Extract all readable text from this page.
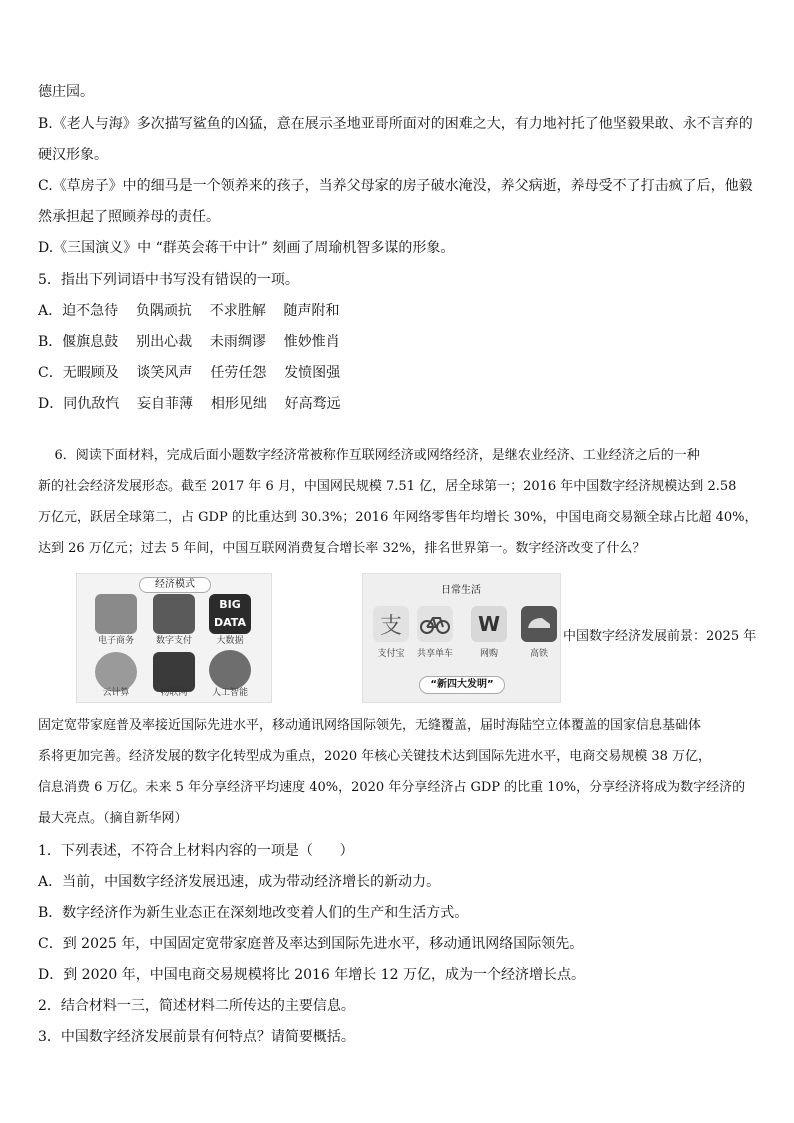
德庄园。
B.《老人与海》多次描写鲨鱼的凶猛，意在展示圣地亚哥所面对的困难之大，有力地衬托了他坚毅果敢、永不言弃的
硬汉形象。
C.《草房子》中的细马是一个领养来的孩子，当养父母家的房子破水淹没，养父病逝，养母受不了打击疯了后，他毅
然承担起了照顾养母的责任。
D.《三国演义》中 “群英会蒋干中计” 刻画了周瑜机智多谋的形象。
5．指出下列词语中书写没有错误的一项。
A．迫不急待    负隅顽抗    不求胜解    随声附和
B．偃旗息鼓    别出心裁    未雨绸谬    惟妙惟肖
C．无暇顾及    谈笑风声    任劳任怨    发愤图强
D．同仇敌忾    妄自菲薄    相形见绌    好高骛远
6．阅读下面材料，完成后面小题数字经济常被称作互联网经济或网络经济，是继农业经济、工业经济之后的一种
新的社会经济发展形态。截至 2017 年 6 月，中国网民规模 7.51 亿，居全球第一；2016 年中国数字经济规模达到 2.58
万亿元，跃居全球第二，占 GDP 的比重达到 30.3%；2016 年网络零售年均增长 30%，中国电商交易额全球占比超 40%，
达到 26 万亿元；过去 5 年间，中国互联网消费复合增长率 32%，排名世界第一。数字经济改变了什么？
经济模式
BIG DATA
电子商务	数字支付	大数据
云计算	物联网	人工智能
日常生活
支	W
支付宝	共享单车	网购	高铁
“新四大发明”
中国数字经济发展前景：2025 年
固定宽带家庭普及率接近国际先进水平，移动通讯网络国际领先，无缝覆盖，届时海陆空立体覆盖的国家信息基础体
系将更加完善。经济发展的数字化转型成为重点，2020 年核心关键技术达到国际先进水平，电商交易规模 38 万亿，
信息消费 6 万亿。未来 5 年分享经济平均速度 40%，2020 年分享经济占 GDP 的比重 10%，分享经济将成为数字经济的
最大亮点。（摘自新华网）
1．下列表述，不符合上材料内容的一项是（      ）
A．当前，中国数字经济发展迅速，成为带动经济增长的新动力。
B．数字经济作为新生业态正在深刻地改变着人们的生产和生活方式。
C．到 2025 年，中国固定宽带家庭普及率达到国际先进水平，移动通讯网络国际领先。
D．到 2020 年，中国电商交易规模将比 2016 年增长 12 万亿，成为一个经济增长点。
2．结合材料一三，简述材料二所传达的主要信息。
3．中国数字经济发展前景有何特点？请简要概括。
